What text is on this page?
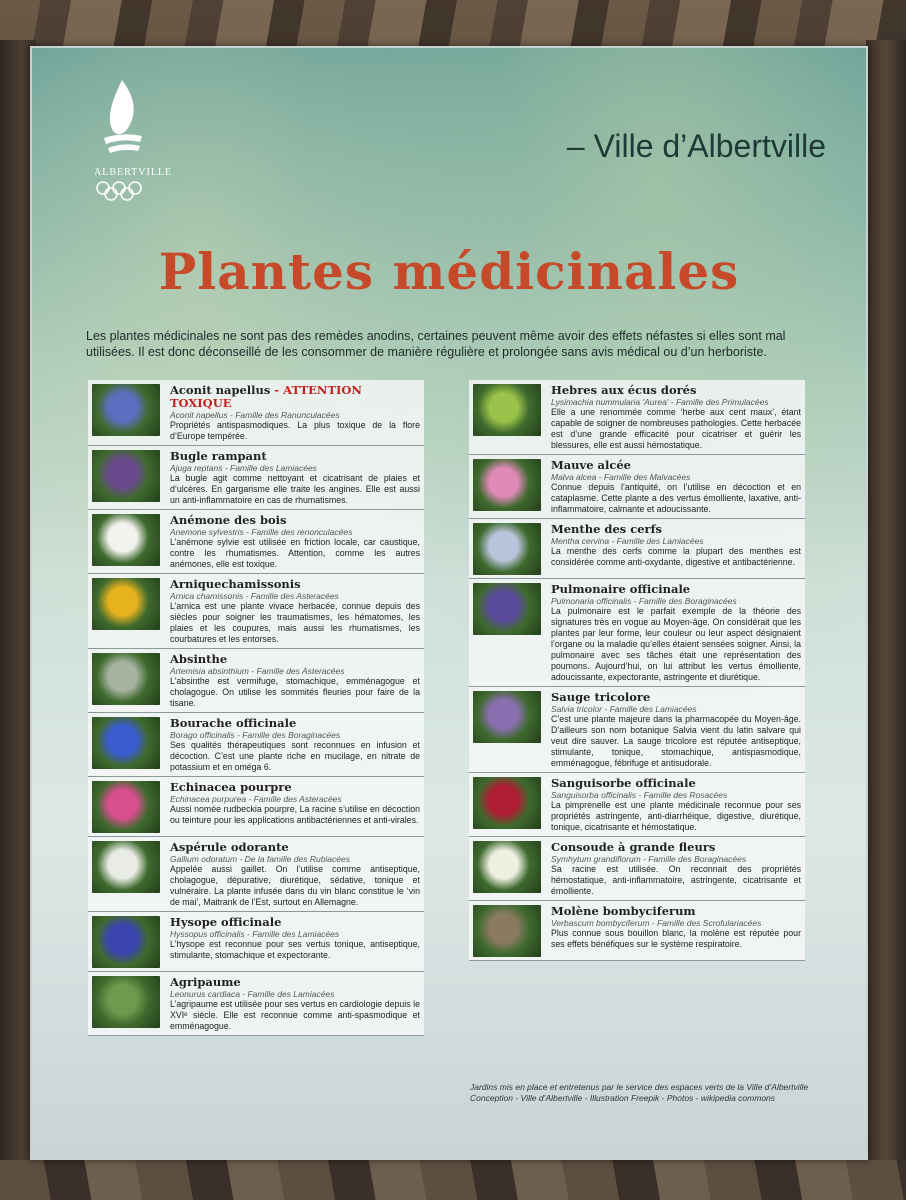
ALBERTVILLE
– Ville d’Albertville
Plantes médicinales
Les plantes médicinales ne sont pas des remèdes anodins, certaines peuvent même avoir des effets néfastes si elles sont mal utilisées. Il est donc déconseillé de les consommer de manière régulière et prolongée sans avis médical ou d’un herboriste.
Aconit napellus - ATTENTION TOXIQUE
Aconit napellus - Famille des Ranunculacées
Propriétés antispasmodiques. La plus toxique de la flore d’Europe tempérée.
Bugle rampant
Ajuga reptans - Famille des Lamiacées
La bugle agit comme nettoyant et cicatrisant de plaies et d’ulcères. En gargarisme elle traite les angines. Elle est aussi un anti-inflammatoire en cas de rhumatismes.
Anémone des bois
Anemone sylvestris - Famille des renonculacées
L’anémone sylvie est utilisée en friction locale, car caustique, contre les rhumatismes. Attention, comme les autres anémones, elle est toxique.
Arniquechamissonis
Arnica chamissonis - Famille des Asteracées
L’arnica est une plante vivace herbacée, connue depuis des siècles pour soigner les traumatismes, les hématomes, les plaies et les coupures, mais aussi les rhumatismes, les courbatures et les entorses.
Absinthe
Artemisia absinthium - Famille des Asteracées
L’absinthe est vermifuge, stomachique, emménagogue et cholagogue. On utilise les sommités fleuries pour faire de la tisane.
Bourache officinale
Borago officinalis - Famille des Boraginacées
Ses qualités thérapeutiques sont reconnues en infusion et décoction. C’est une plante riche en mucilage, en nitrate de potassium et en oméga 6.
Echinacea pourpre
Echinacea purpurea - Famille des Asteracées
Aussi nomée rudbeckia pourpre, La racine s’utilise en décoction ou teinture pour les applications antibactériennes et anti-virales.
Aspérule odorante
Gallium odoratum - De la famille des Rubiacées
Appelée aussi gaillet. On l’utilise comme antiseptique, cholagogue, dépurative, diurétique, sédative, tonique et vulnéraire. La plante infusée dans du vin blanc constitue le ‘vin de mai’, Maitrank de l’Est, surtout en Allemagne.
Hysope officinale
Hyssopus officinalis - Famille des Lamiacées
L’hysope est reconnue pour ses vertus tonique, antiseptique, stimulante, stomachique et expectorante.
Agripaume
Leonurus cardiaca - Famille des Lamiacées
L’agripaume est utilisée pour ses vertus en cardiologie depuis le XVIᵉ siècle. Elle est reconnue comme anti-spasmodique et emménagogue.
Hebres aux écus dorés
Lysimachia nummularia 'Aurea' - Famille des Primulacées
Elle a une renommée comme ‘herbe aux cent maux’, étant capable de soigner de nombreuses pathologies. Cette herbacée est d’une grande efficacité pour cicatriser et guérir les blessures, elle est aussi hémostatique.
Mauve alcée
Malva alcea - Famille des Malvacées
Connue depuis l’antiquité, on l’utilise en décoction et en cataplasme. Cette plante a des vertus émolliente, laxative, anti-inflammatoire, calmante et adoucissante.
Menthe des cerfs
Mentha cervina - Famille des Lamiacées
La menthe des cerfs comme la plupart des menthes est considérée comme anti-oxydante, digestive et antibactérienne.
Pulmonaire officinale
Pulmonaria officinalis - Famille des Boraginacées
La pulmonaire est le parfait exemple de la théorie des signatures très en vogue au Moyen-âge. On considérait que les plantes par leur forme, leur couleur ou leur aspect désignaient l’organe ou la maladie qu’elles étaient sensées soigner. Ainsi, la pulmonaire avec ses tâches était une représentation des poumons. Aujourd’hui, on lui attribut les vertus émolliente, adoucissante, expectorante, astringente et diurétique.
Sauge tricolore
Salvia tricolor - Famille des Lamiacées
C’est une plante majeure dans la pharmacopée du Moyen-âge. D’ailleurs son nom botanique Salvia vient du latin salvare qui veut dire sauver. La sauge tricolore est réputée antiseptique, stimulante, tonique, stomachique, antispasmodique, emménagogue, fébrifuge et antisudorale.
Sanguisorbe officinale
Sanguisorba officinalis - Famille des Rosacées
La pimprenelle est une plante médicinale reconnue pour ses propriétés astringente, anti-diarrhéique, digestive, diurétique, tonique, cicatrisante et hémostatique.
Consoude à grande fleurs
Symhytum grandiflorum - Famille des Boraginacées
Sa racine est utilisée. On reconnait des propriétés hémostatique, anti-inflammatoire, astringente, cicatrisante et émolliente.
Molène bombyciferum
Verbascum bombyciferum - Famille des Scrofulariacées
Plus connue sous bouillon blanc, la molène est réputée pour ses effets bénéfiques sur le système respiratoire.
Jardins mis en place et entretenus par le service des espaces verts de la Ville d’Albertville Conception - Ville d’Albertville - Illustration Freepik - Photos - wikipedia commons
